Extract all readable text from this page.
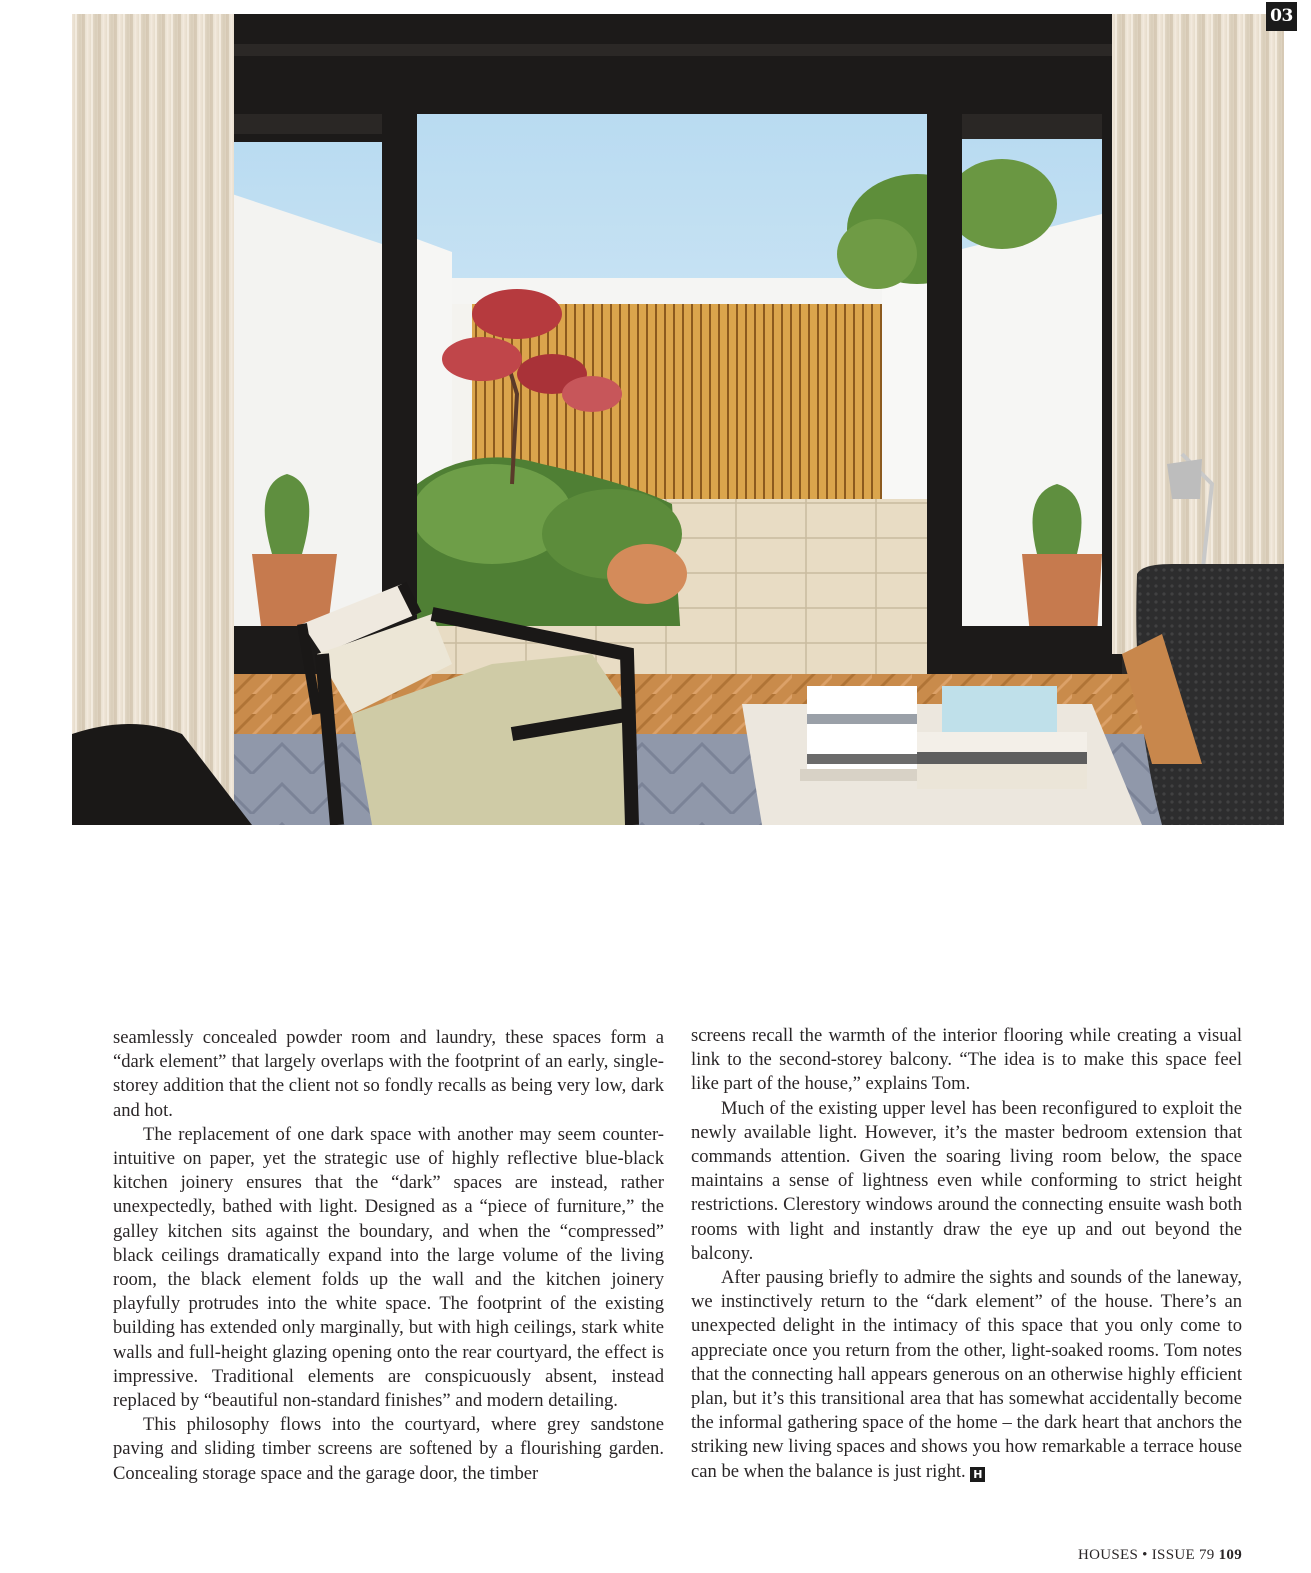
03

seamlessly concealed powder room and laundry, these spaces form a “dark element” that largely overlaps with the footprint of an early, single-storey addition that the client not so fondly recalls as being very low, dark and hot.

The replacement of one dark space with another may seem counter-intuitive on paper, yet the strategic use of highly reflective blue-black kitchen joinery ensures that the “dark” spaces are instead, rather unexpectedly, bathed with light. Designed as a “piece of furniture,” the galley kitchen sits against the boundary, and when the “compressed” black ceilings dramatically expand into the large volume of the living room, the black element folds up the wall and the kitchen joinery playfully protrudes into the white space. The footprint of the existing building has extended only marginally, but with high ceilings, stark white walls and full-height glazing opening onto the rear courtyard, the effect is impressive. Traditional elements are conspicuously absent, instead replaced by “beautiful non-standard finishes” and modern detailing.

This philosophy flows into the courtyard, where grey sandstone paving and sliding timber screens are softened by a flourishing garden. Concealing storage space and the garage door, the timber

screens recall the warmth of the interior flooring while creating a visual link to the second-storey balcony. “The idea is to make this space feel like part of the house,” explains Tom.

Much of the existing upper level has been reconfigured to exploit the newly available light. However, it’s the master bedroom extension that commands attention. Given the soaring living room below, the space maintains a sense of lightness even while conforming to strict height restrictions. Clerestory windows around the connecting ensuite wash both rooms with light and instantly draw the eye up and out beyond the balcony.

After pausing briefly to admire the sights and sounds of the laneway, we instinctively return to the “dark element” of the house. There’s an unexpected delight in the intimacy of this space that you only come to appreciate once you return from the other, light-soaked rooms. Tom notes that the connecting hall appears generous on an otherwise highly efficient plan, but it’s this transitional area that has somewhat accidentally become the informal gathering space of the home – the dark heart that anchors the striking new living spaces and shows you how remarkable a terrace house can be when the balance is just right. H

HOUSES • ISSUE 79 109
